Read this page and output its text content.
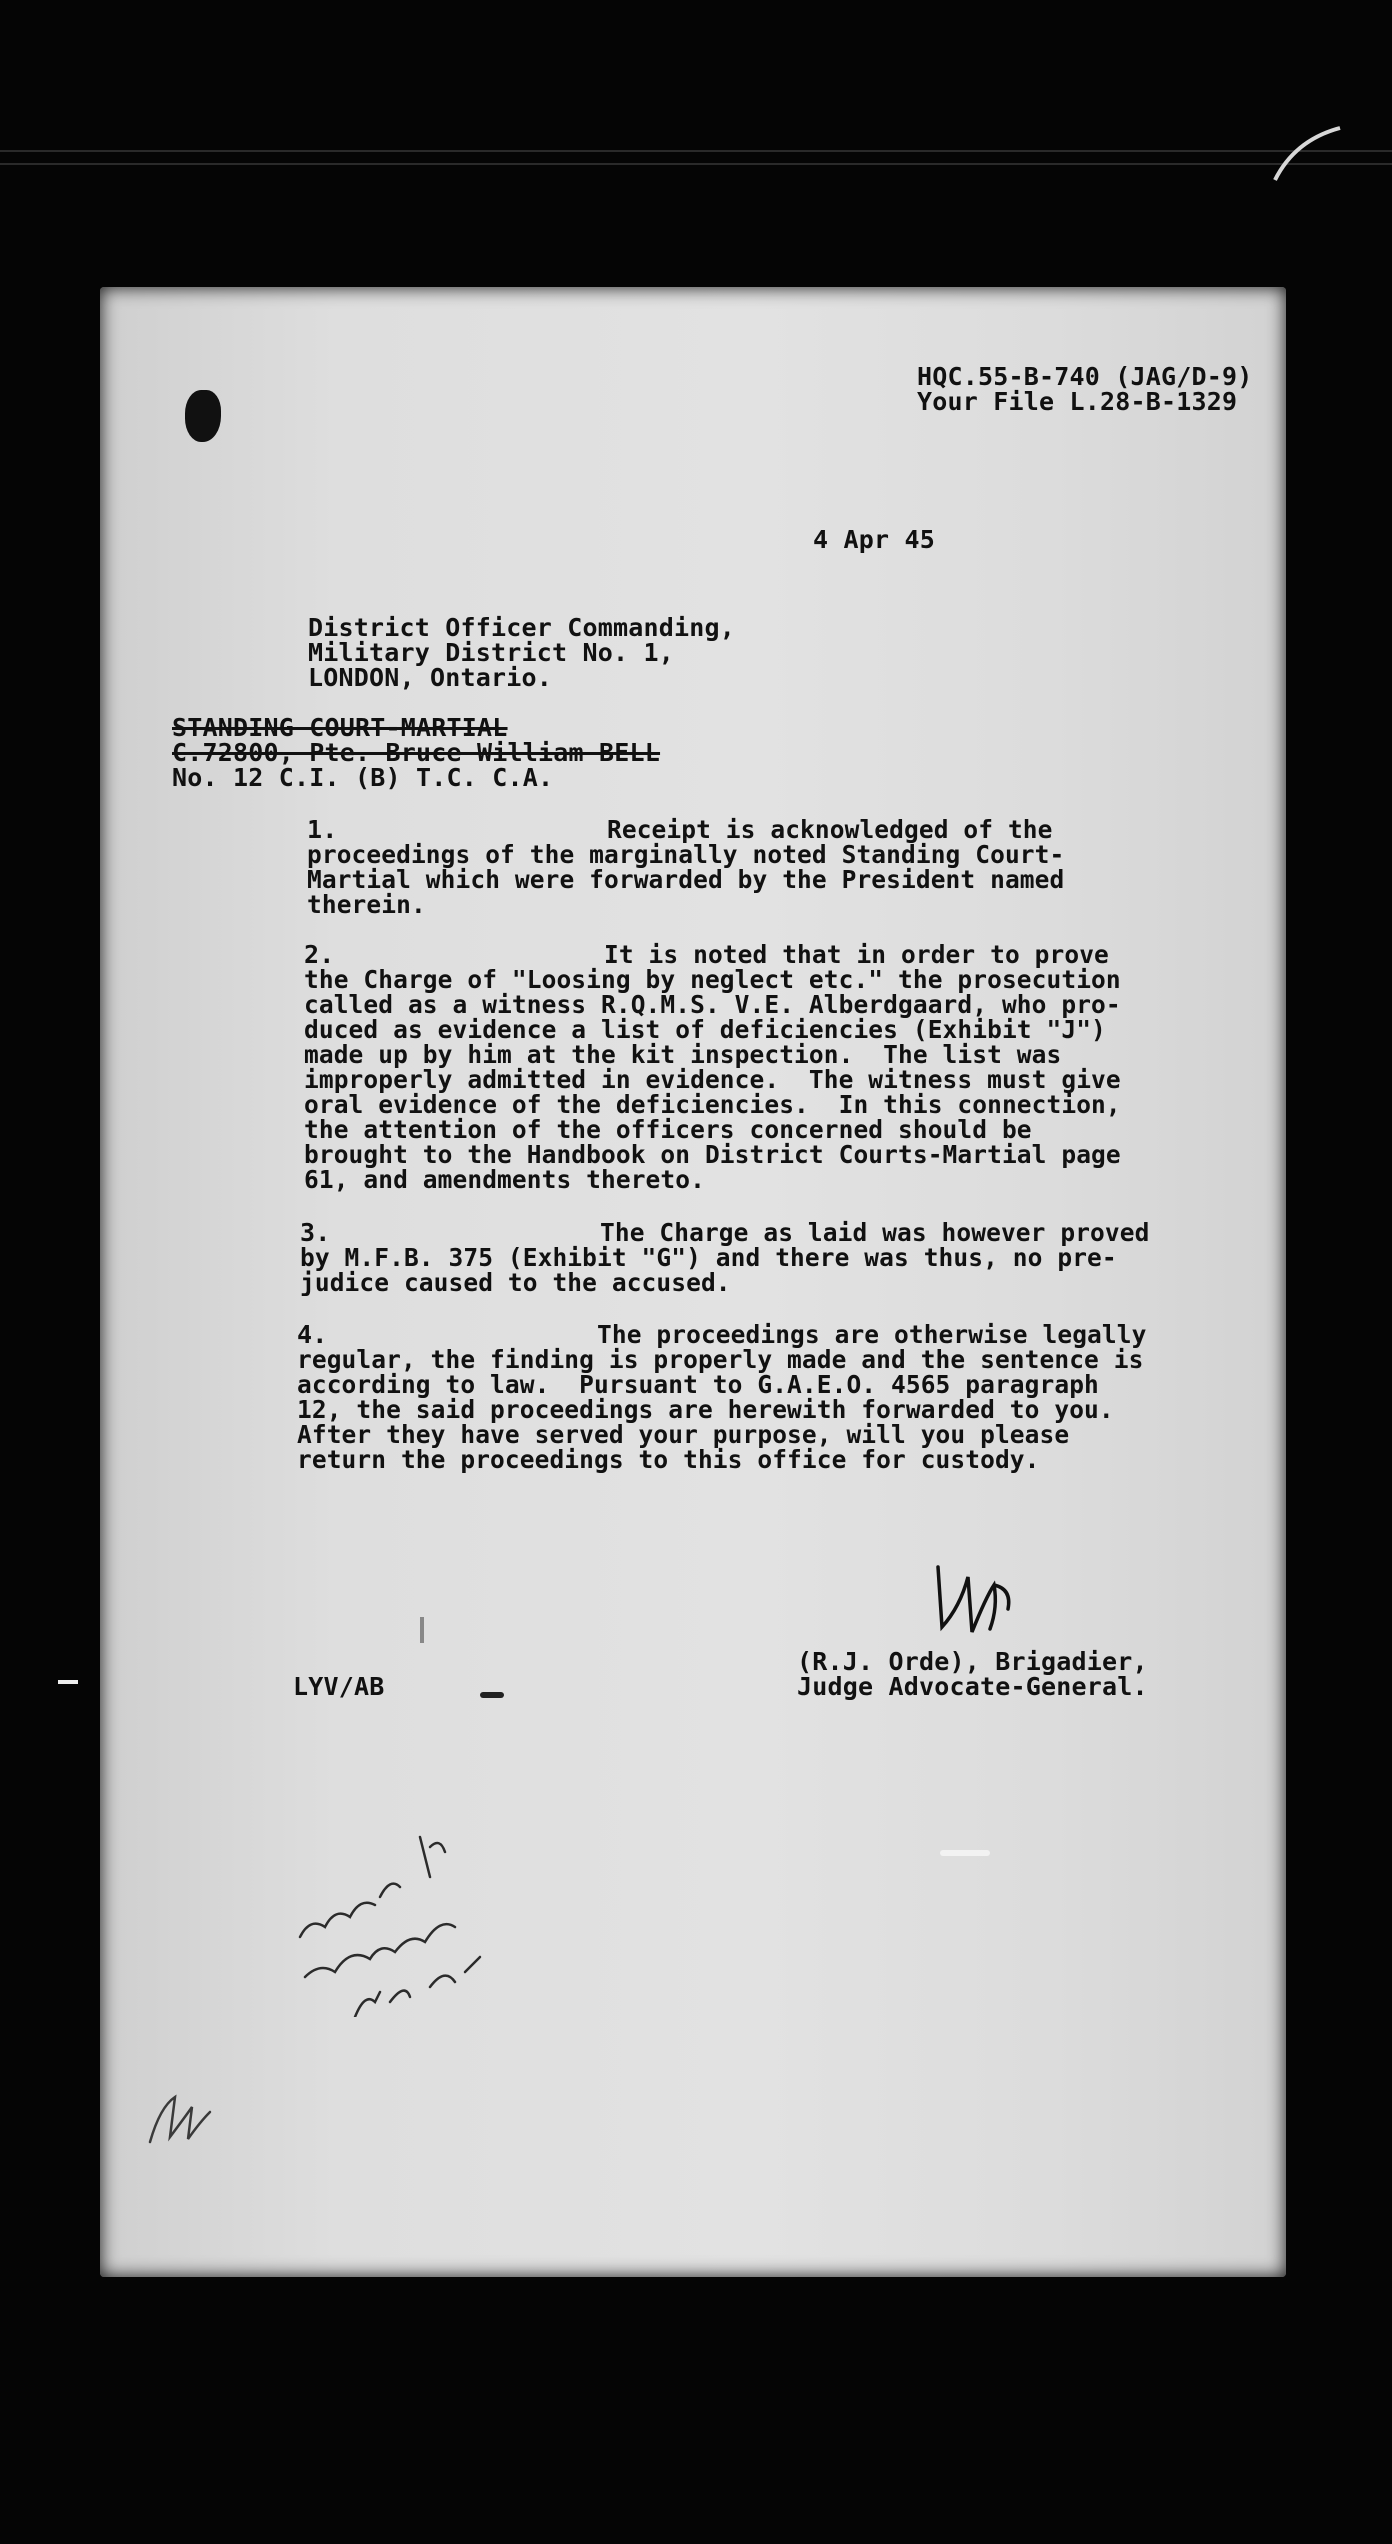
HQC.55-B-740 (JAG/D-9)
Your File L.28-B-1329
4 Apr 45
District Officer Commanding,
Military District No. 1,
LONDON, Ontario.
STANDING COURT-MARTIAL
C.72800, Pte. Bruce William BELL
No. 12 C.I. (B) T.C. C.A.
1.	Receipt is acknowledged of the
proceedings of the marginally noted Standing Court-
Martial which were forwarded by the President named
therein.
2.	It is noted that in order to prove
the Charge of "Loosing by neglect etc." the prosecution
called as a witness R.Q.M.S. V.E. Alberdgaard, who pro-
duced as evidence a list of deficiencies (Exhibit "J")
made up by him at the kit inspection.  The list was
improperly admitted in evidence.  The witness must give
oral evidence of the deficiencies.  In this connection,
the attention of the officers concerned should be
brought to the Handbook on District Courts-Martial page
61, and amendments thereto.
3.	The Charge as laid was however proved
by M.F.B. 375 (Exhibit "G") and there was thus, no pre-
judice caused to the accused.
4.	The proceedings are otherwise legally
regular, the finding is properly made and the sentence is
according to law.  Pursuant to G.A.E.O. 4565 paragraph
12, the said proceedings are herewith forwarded to you.
After they have served your purpose, will you please
return the proceedings to this office for custody.
(R.J. Orde), Brigadier,
Judge Advocate-General.
LYV/AB
